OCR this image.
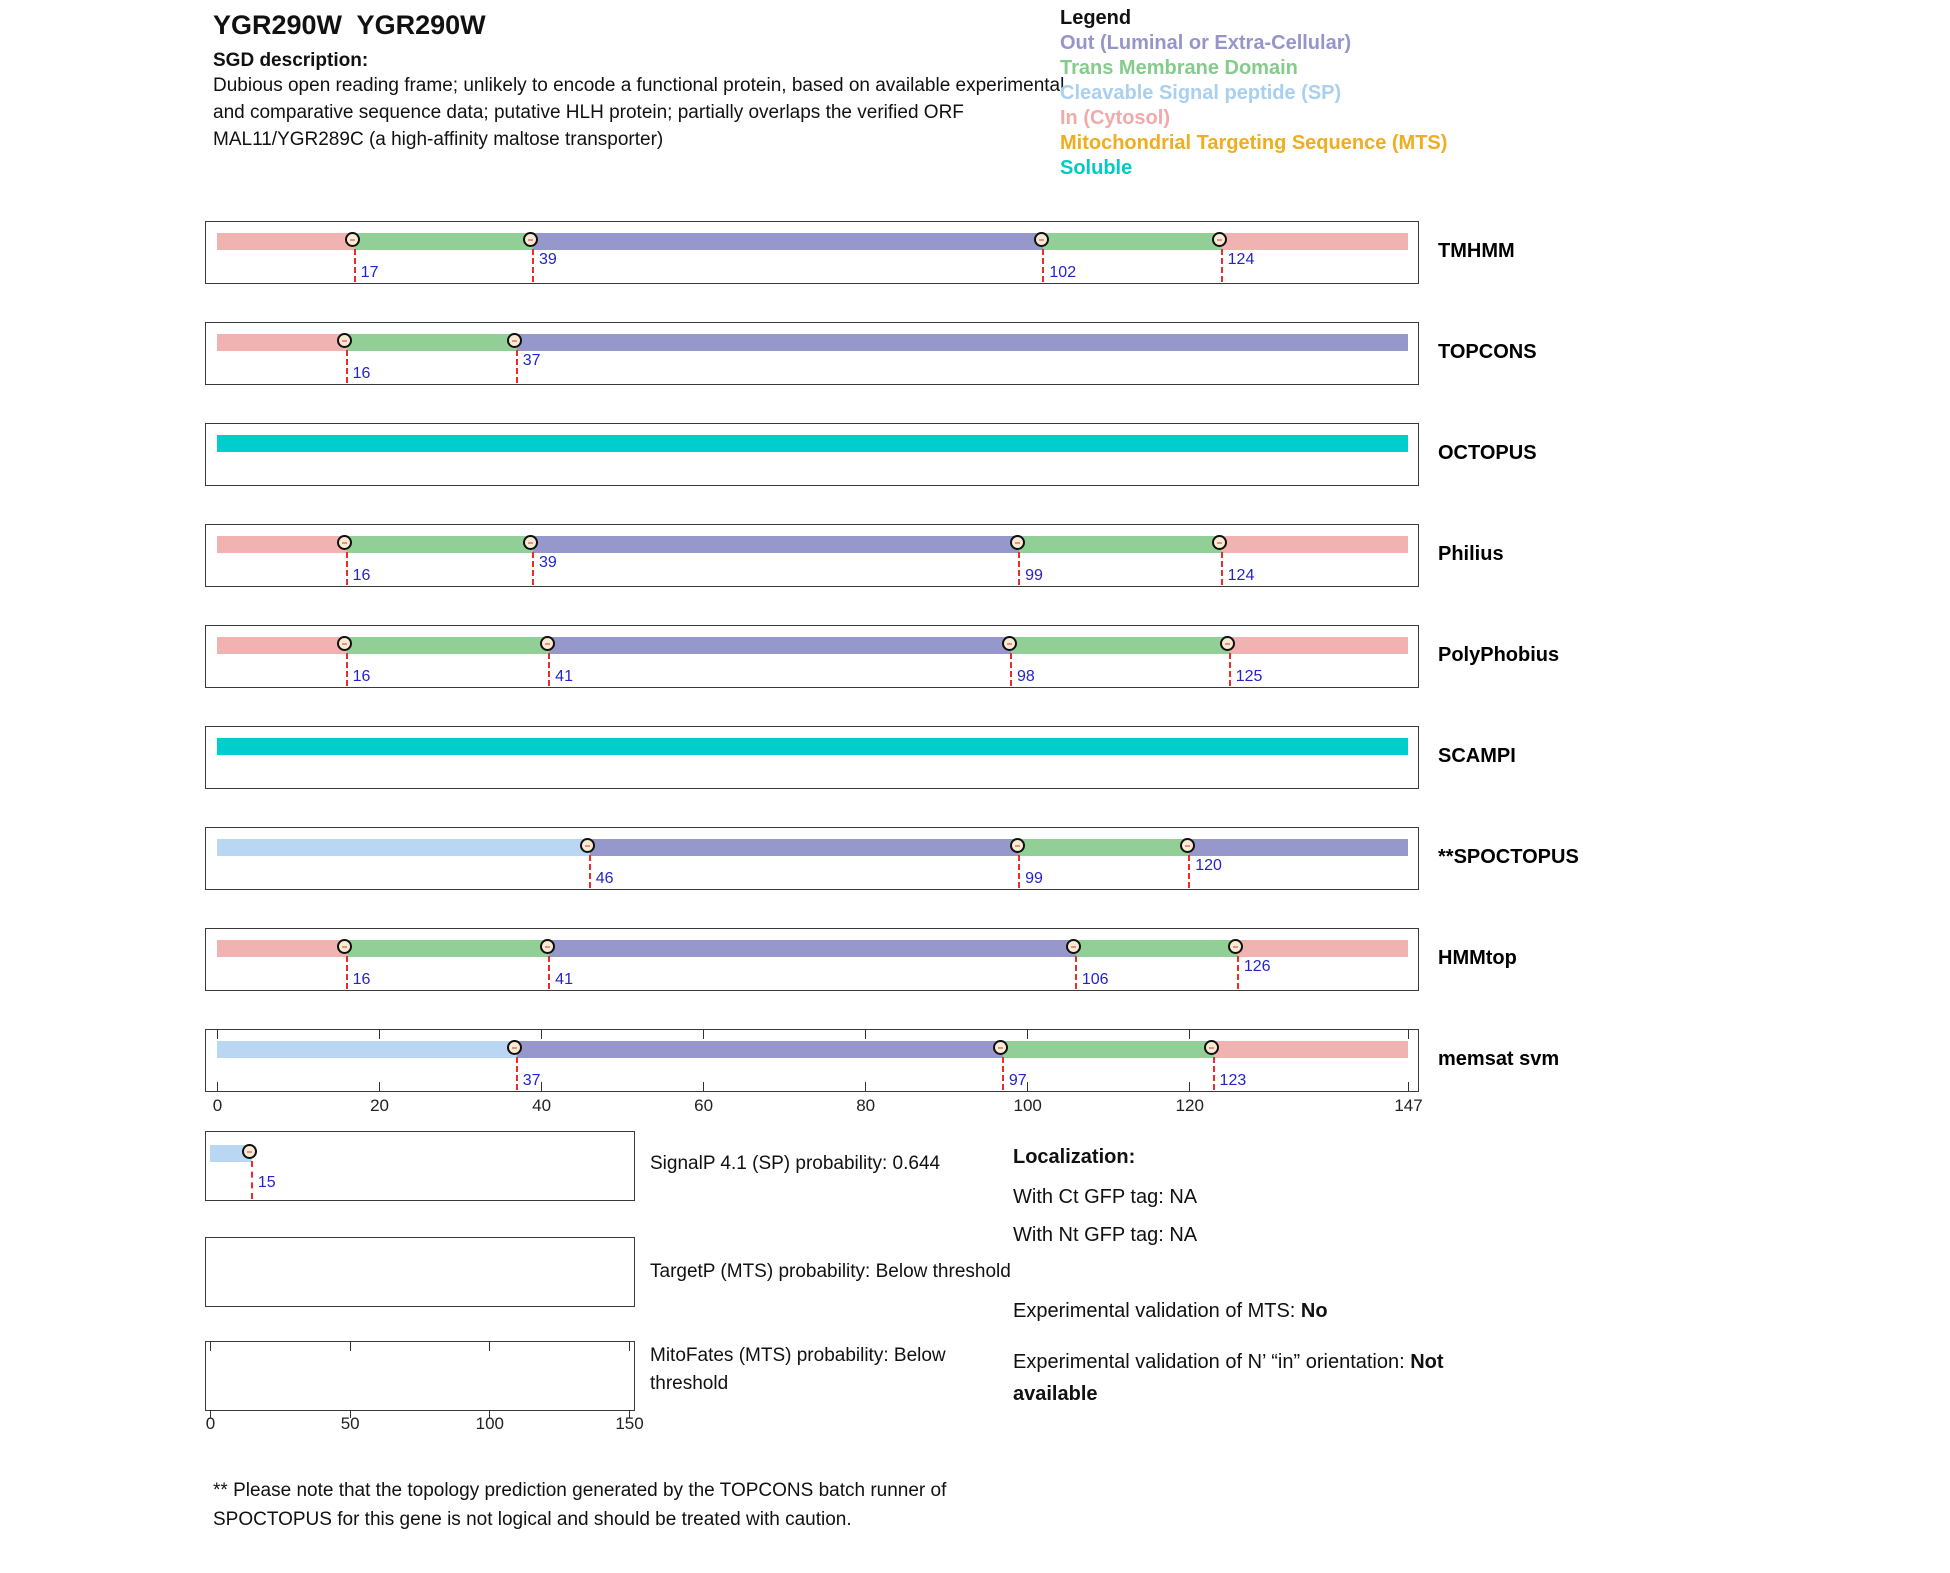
YGR290W  YGR290W
SGD description:
Dubious open reading frame; unlikely to encode a functional protein, based on available experimental and comparative sequence data; putative HLH protein; partially overlaps the verified ORF MAL11/YGR289C (a high-affinity maltose transporter)
Legend
Out (Luminal or Extra-Cellular)
Trans Membrane Domain
Cleavable Signal peptide (SP)
In (Cytosol)
Mitochondrial Targeting Sequence (MTS)
Soluble
17
39
102
124	TMHMM
16
37	TOPCONS
OCTOPUS
16
39
99	124
Philius
16	41	98	125
PolyPhobius
SCAMPI
46	99
120	**SPOCTOPUS
16	41	106
126	HMMtop
37	97	123
memsat svm
0	20	40	60	80	100	120	147
15
0	50	100	150
SignalP 4.1 (SP) probability: 0.644
TargetP (MTS) probability: Below threshold
MitoFates (MTS) probability: Below threshold
Localization:
With Ct GFP tag: NA
With Nt GFP tag: NA
Experimental validation of MTS: No
Experimental validation of N’ “in” orientation: Not available
** Please note that the topology prediction generated by the TOPCONS batch runner of SPOCTOPUS for this gene is not logical and should be treated with caution.
